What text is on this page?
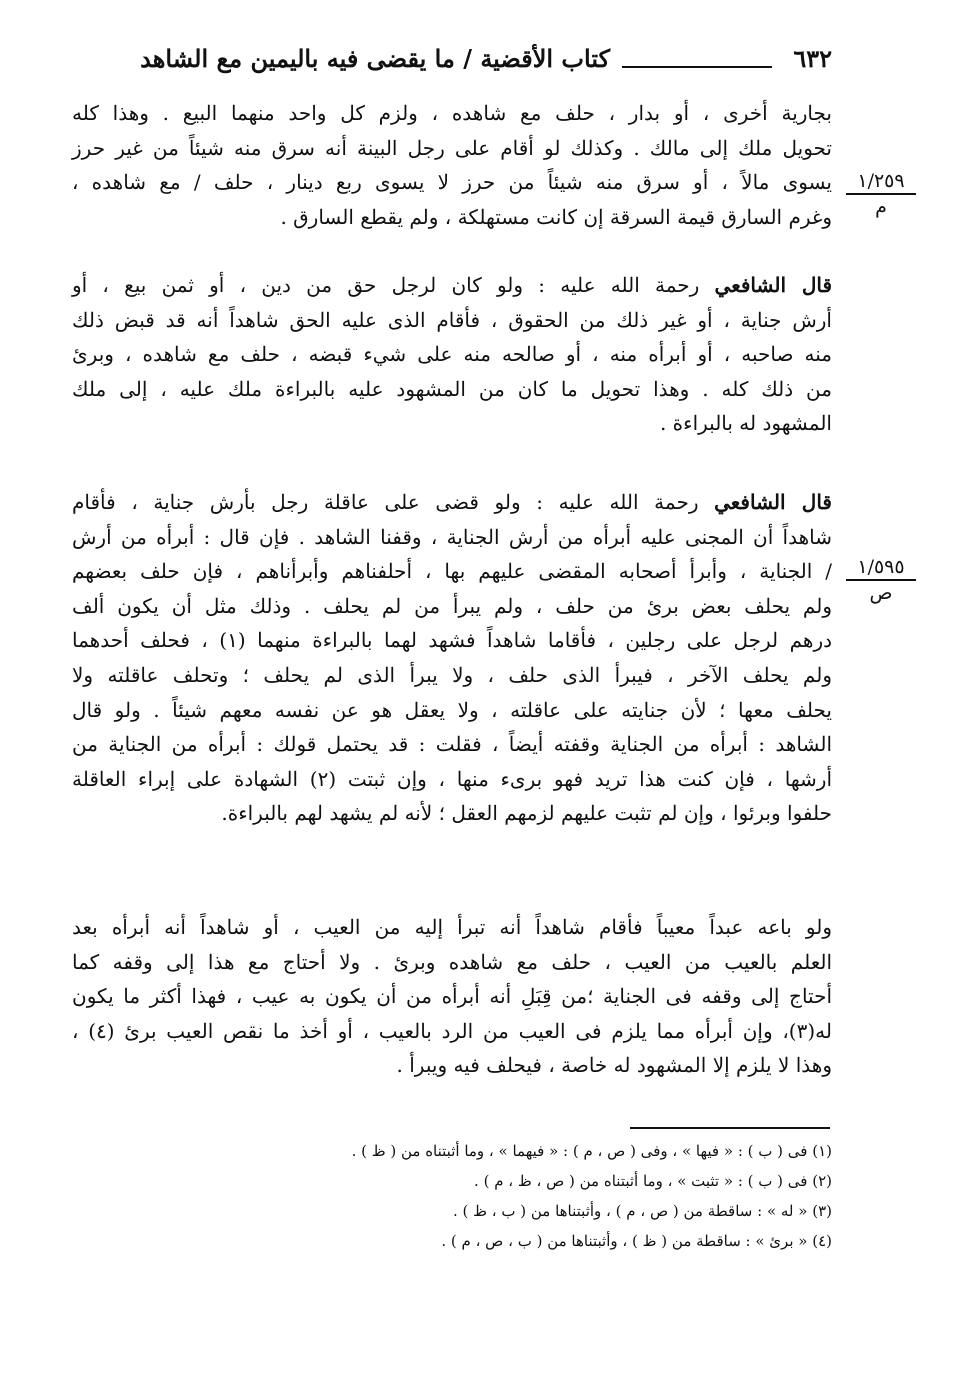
٦٣٢
كتاب الأقضية / ما يقضى فيه باليمين مع الشاهد
١/٢٥٩
م
١/٥٩٥
ص
بجارية أخرى ، أو بدار ، حلف مع شاهده ، ولزم كل واحد منهما البيع . وهذا كله
تحويل ملك إلى مالك . وكذلك لو أقام على رجل البينة أنه سرق منه شيئاً من غير حرز
يسوى مالاً ، أو سرق منه شيئاً من حرز لا يسوى ربع دينار ، حلف / مع شاهده ،
وغرم السارق قيمة السرقة إن كانت مستهلكة ، ولم يقطع السارق .
قال الشافعي رحمة الله عليه : ولو كان لرجل حق من دين ، أو ثمن بيع ، أو
أرش جناية ، أو غير ذلك من الحقوق ، فأقام الذى عليه الحق شاهداً أنه قد قبض ذلك
منه صاحبه ، أو أبرأه منه ، أو صالحه منه على شيء قبضه ، حلف مع شاهده ، وبرئ
من ذلك كله . وهذا تحويل ما كان من المشهود عليه بالبراءة ملك عليه ، إلى ملك
المشهود له بالبراءة .
قال الشافعي رحمة الله عليه : ولو قضى على عاقلة رجل بأرش جناية ، فأقام
شاهداً أن المجنى عليه أبرأه من أرش الجناية ، وقفنا الشاهد . فإن قال : أبرأه من أرش
/ الجناية ، وأبرأ أصحابه المقضى عليهم بها ، أحلفناهم وأبرأناهم ، فإن حلف بعضهم
ولم يحلف بعض برئ من حلف ، ولم يبرأ من لم يحلف . وذلك مثل أن يكون ألف
درهم لرجل على رجلين ، فأقاما شاهداً فشهد لهما بالبراءة منهما (١) ، فحلف أحدهما
ولم يحلف الآخر ، فيبرأ الذى حلف ، ولا يبرأ الذى لم يحلف ؛ وتحلف عاقلته ولا
يحلف معها ؛ لأن جنايته على عاقلته ، ولا يعقل هو عن نفسه معهم شيئاً . ولو قال
الشاهد : أبرأه من الجناية وقفته أيضاً ، فقلت : قد يحتمل قولك : أبرأه من الجناية من
أرشها ، فإن كنت هذا تريد فهو برىء منها ، وإن ثبتت (٢) الشهادة على إبراء العاقلة
حلفوا وبرئوا ، وإن لم تثبت عليهم لزمهم العقل ؛ لأنه لم يشهد لهم بالبراءة.
ولو باعه عبداً معيباً فأقام شاهداً أنه تبرأ إليه من العيب ، أو شاهداً أنه أبرأه بعد
العلم بالعيب من العيب ، حلف مع شاهده وبرئ . ولا أحتاج مع هذا إلى وقفه كما
أحتاج إلى وقفه فى الجناية ؛من قِبَلِ أنه أبرأه من أن يكون به عيب ، فهذا أكثر ما يكون
له(٣)، وإن أبرأه مما يلزم فى العيب من الرد بالعيب ، أو أخذ ما نقص العيب برئ (٤) ،
وهذا لا يلزم إلا المشهود له خاصة ، فيحلف فيه ويبرأ .
(١) فى ( ب ) : « فيها » ، وفى ( ص ، م ) : « فيهما » ، وما أثبتناه من ( ظ ) .
(٢) فى ( ب ) : « تثبت » ، وما أثبتناه من ( ص ، ظ ، م ) .
(٣) « له » : ساقطة من ( ص ، م ) ، وأثبتناها من ( ب ، ظ ) .
(٤) « برئ » : ساقطة من ( ظ ) ، وأثبتناها من ( ب ، ص ، م ) .
